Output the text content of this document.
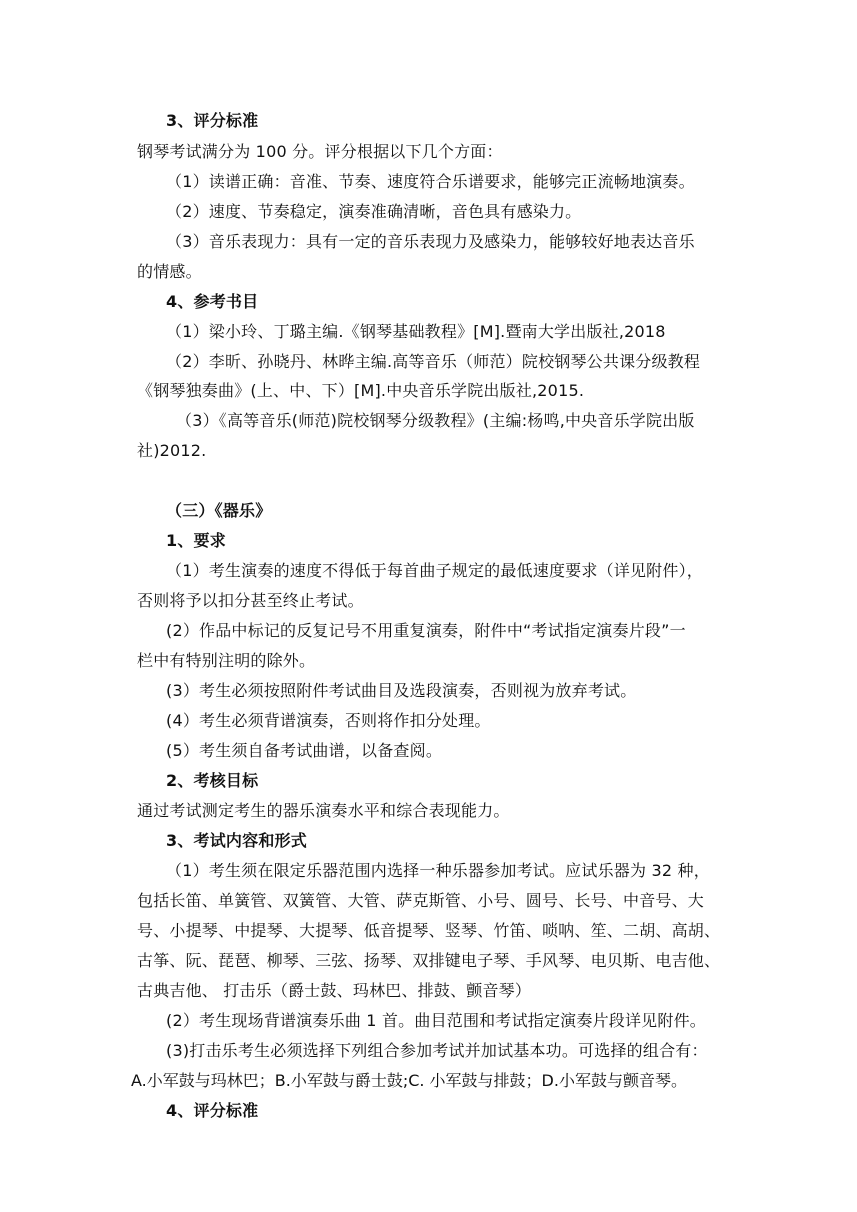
3、评分标准
钢琴考试满分为 100 分。评分根据以下几个方面：
（1）读谱正确：音准、节奏、速度符合乐谱要求，能够完正流畅地演奏。
（2）速度、节奏稳定，演奏准确清晰，音色具有感染力。
（3）音乐表现力：具有一定的音乐表现力及感染力，能够较好地表达音乐
的情感。
4、参考书目
（1）梁小玲、丁璐主编.《钢琴基础教程》[M].暨南大学出版社,2018
（2）李昕、孙晓丹、林晔主编.高等音乐（师范）院校钢琴公共课分级教程
《钢琴独奏曲》(上、中、下）[M].中央音乐学院出版社,2015.
（3）《高等音乐(师范)院校钢琴分级教程》(主编:杨鸣,中央音乐学院出版
社)2012.
（三）《器乐》
1、要求
（1）考生演奏的速度不得低于每首曲子规定的最低速度要求（详见附件），
否则将予以扣分甚至终止考试。
(2）作品中标记的反复记号不用重复演奏，附件中“考试指定演奏片段”一
栏中有特别注明的除外。
(3）考生必须按照附件考试曲目及选段演奏，否则视为放弃考试。
(4）考生必须背谱演奏，否则将作扣分处理。
(5）考生须自备考试曲谱，以备查阅。
2、考核目标
通过考试测定考生的器乐演奏水平和综合表现能力。
3、考试内容和形式
（1）考生须在限定乐器范围内选择一种乐器参加考试。应试乐器为 32 种，
包括长笛、单簧管、双簧管、大管、萨克斯管、小号、圆号、长号、中音号、大
号、小提琴、中提琴、大提琴、低音提琴、竖琴、竹笛、唢呐、笙、二胡、高胡、
古筝、阮、琵琶、柳琴、三弦、扬琴、双排键电子琴、手风琴、电贝斯、电吉他、
古典吉他、 打击乐（爵士鼓、玛林巴、排鼓、颤音琴）
(2）考生现场背谱演奏乐曲 1 首。曲目范围和考试指定演奏片段详见附件。
(3)打击乐考生必须选择下列组合参加考试并加试基本功。可选择的组合有：
A.小军鼓与玛林巴；B.小军鼓与爵士鼓;C. 小军鼓与排鼓；D.小军鼓与颤音琴。
4、评分标准
